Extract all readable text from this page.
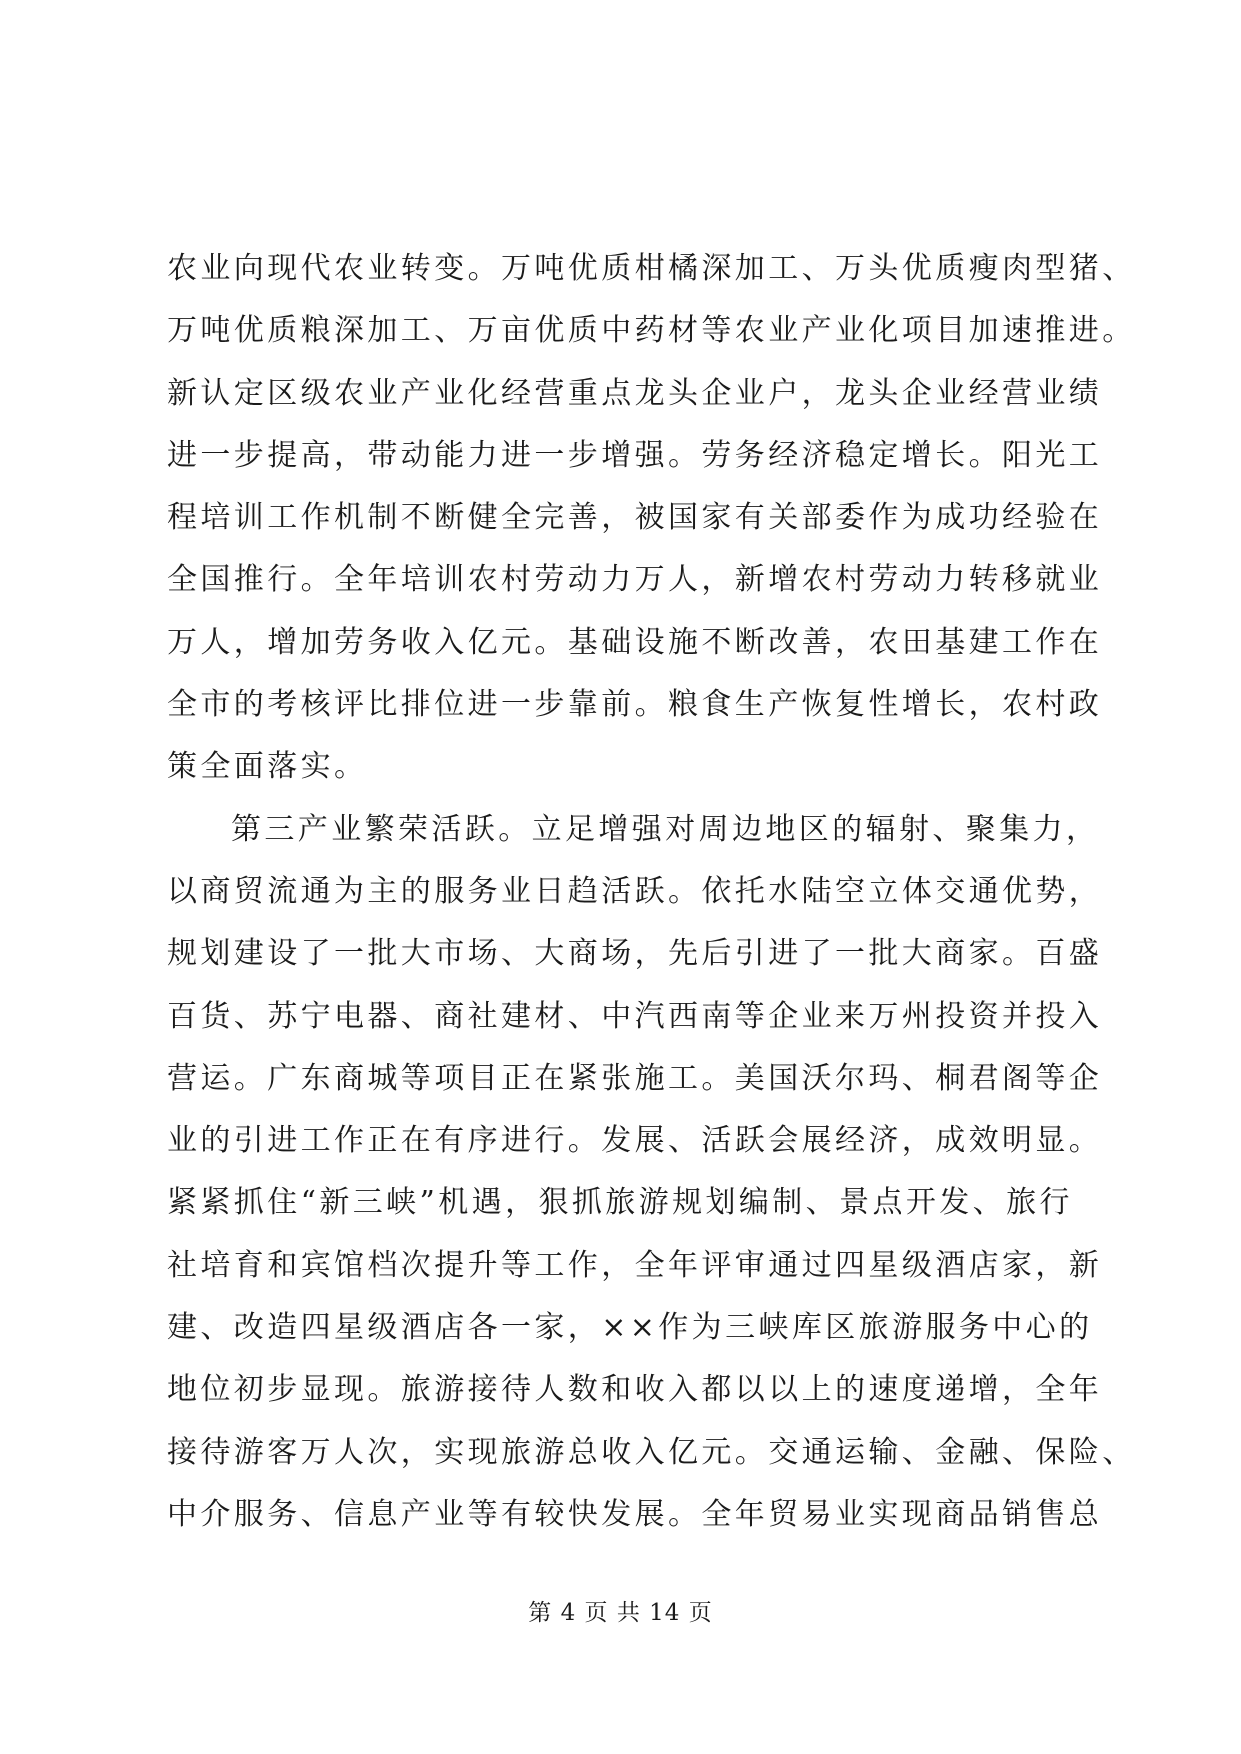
农业向现代农业转变。万吨优质柑橘深加工、万头优质瘦肉型猪、
万吨优质粮深加工、万亩优质中药材等农业产业化项目加速推进。
新认定区级农业产业化经营重点龙头企业户，龙头企业经营业绩
进一步提高，带动能力进一步增强。劳务经济稳定增长。阳光工
程培训工作机制不断健全完善，被国家有关部委作为成功经验在
全国推行。全年培训农村劳动力万人，新增农村劳动力转移就业
万人，增加劳务收入亿元。基础设施不断改善，农田基建工作在
全市的考核评比排位进一步靠前。粮食生产恢复性增长，农村政
策全面落实。
第三产业繁荣活跃。立足增强对周边地区的辐射、聚集力，
以商贸流通为主的服务业日趋活跃。依托水陆空立体交通优势，
规划建设了一批大市场、大商场，先后引进了一批大商家。百盛
百货、苏宁电器、商社建材、中汽西南等企业来万州投资并投入
营运。广东商城等项目正在紧张施工。美国沃尔玛、桐君阁等企
业的引进工作正在有序进行。发展、活跃会展经济，成效明显。
紧紧抓住“新三峡”机遇，狠抓旅游规划编制、景点开发、旅行
社培育和宾馆档次提升等工作，全年评审通过四星级酒店家，新
建、改造四星级酒店各一家，××作为三峡库区旅游服务中心的
地位初步显现。旅游接待人数和收入都以以上的速度递增，全年
接待游客万人次，实现旅游总收入亿元。交通运输、金融、保险、
中介服务、信息产业等有较快发展。全年贸易业实现商品销售总
第 4 页 共 14 页
